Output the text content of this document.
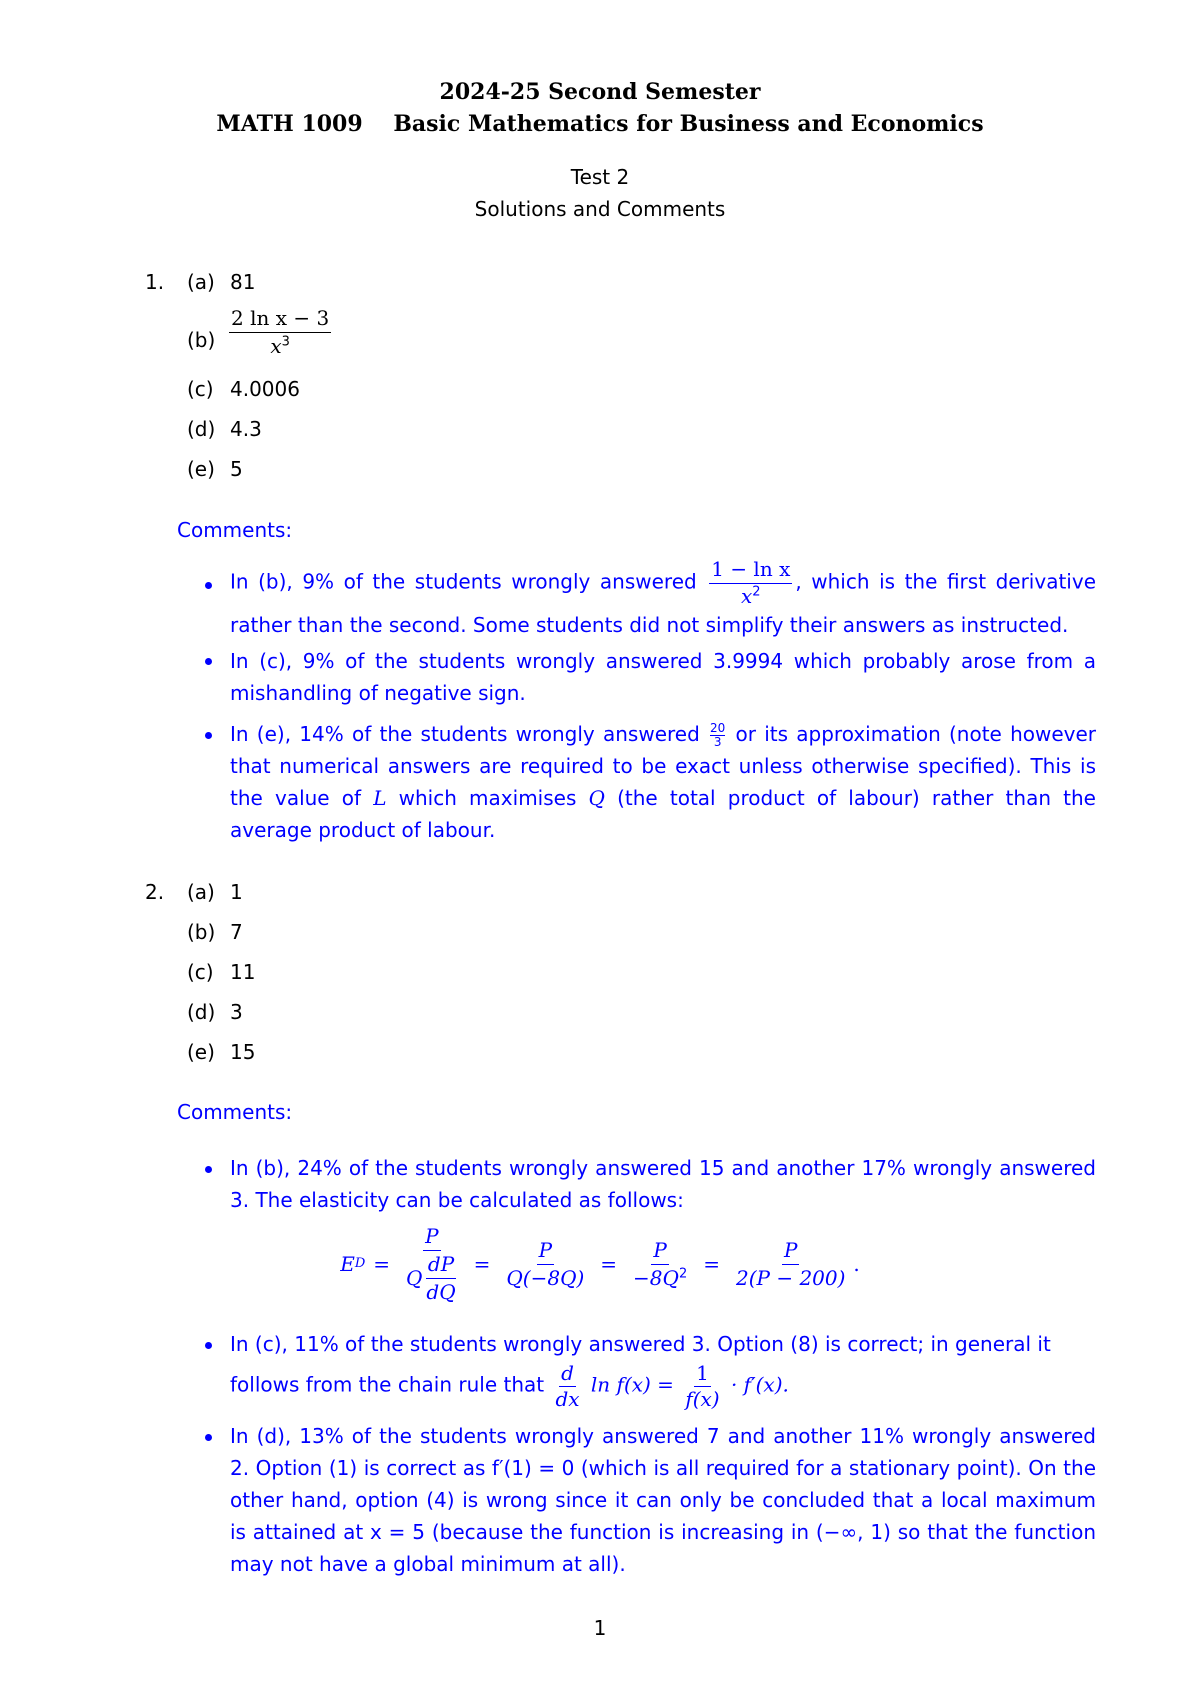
2024-25 Second Semester
MATH 1009 Basic Mathematics for Business and Economics
Test 2
Solutions and Comments
1. (a) 81
$(b) \frac{\text{2 ln x − 3}}{x^3}$
(c) 4.0006
(d) 4.3
(e) 5
Comments:
In (b), 9% of the students wrongly answered $\frac{\text{1 − ln x}}{x^2}$ , which is the first derivative rather than the second. Some students did not simplify their answers as instructed.
In (c), 9% of the students wrongly answered 3.9994 which probably arose from a mishandling of negative sign.
In (e), 14% of the students wrongly answered $\frac{20}{3}$ or its approximation (note however that numerical answers are required to be exact unless otherwise specified). This is the value of L which maximises Q (the total product of labour) rather than the average product of labour.
2. (a) 1
(b) 7
(c) 11
(d) 3
(e) 15
Comments:
In (b), 24% of the students wrongly answered 15 and another 17% wrongly answered 3. The elasticity can be calculated as follows:
E $D = \frac{P}{Q \frac{dP}{dQ}} = \frac{P}{Q(-8Q)} = \frac{P}{-8Q^2} = \frac{P}{2(P - 200)}$ .
In (c), 11% of the students wrongly answered 3. Option (8) is correct; in general it
follows from the chain rule that $\frac{d}{dx}$ $\ln f(x) = \frac{1}{f(x)} \cdot f'(x)$.
In (d), 13% of the students wrongly answered 7 and another 11% wrongly answered 2. Option (1) is correct as f′(1) = 0 (which is all required for a stationary point). On the other hand, option (4) is wrong since it can only be concluded that a local maximum is attained at x = 5 (because the function is increasing in (−∞, 1) so that the function may not have a global minimum at all).
1
